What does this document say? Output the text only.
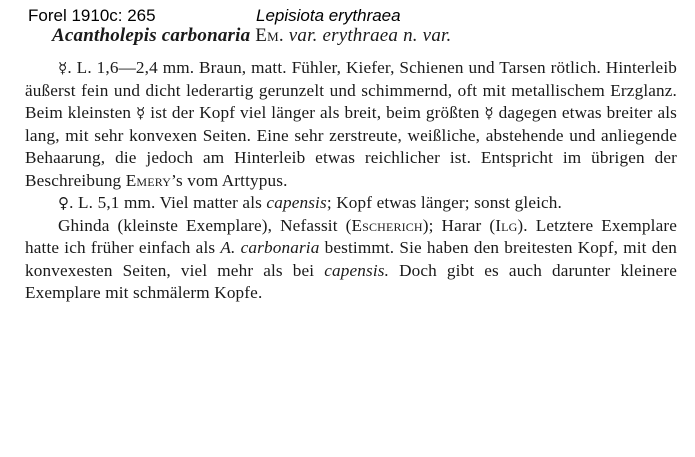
Forel 1910c: 265	Lepisiota erythraea
Acantholepis carbonaria Em. var. erythraea n. var.

☿. L. 1,6—2,4 mm. Braun, matt. Fühler, Kiefer, Schienen und Tarsen rötlich. Hinterleib äußerst fein und dicht lederartig gerunzelt und schimmernd, oft mit metallischem Erzglanz. Beim kleinsten ☿ ist der Kopf viel länger als breit, beim größten ☿ dagegen etwas breiter als lang, mit sehr konvexen Seiten. Eine sehr zerstreute, weißliche, abstehende und anliegende Behaarung, die jedoch am Hinterleib etwas reichlicher ist. Entspricht im übrigen der Beschreibung Emery’s vom Arttypus.

♀. L. 5,1 mm. Viel matter als capensis; Kopf etwas länger; sonst gleich.

Ghinda (kleinste Exemplare), Nefassit (Escherich); Harar (Ilg). Letztere Exemplare hatte ich früher einfach als A. carbonaria bestimmt. Sie haben den breitesten Kopf, mit den konvexesten Seiten, viel mehr als bei capensis. Doch gibt es auch darunter kleinere Exemplare mit schmälerm Kopfe.
